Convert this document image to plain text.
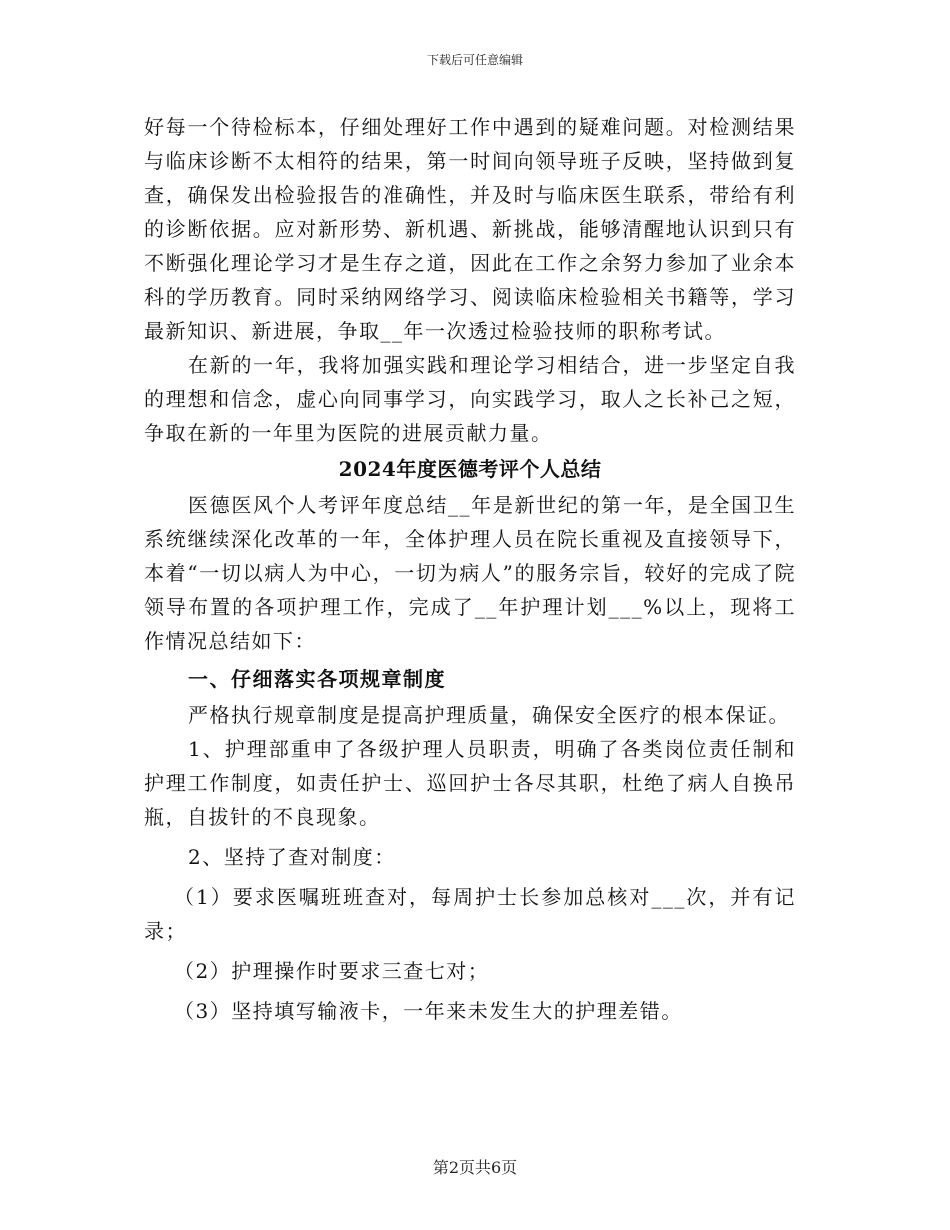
下载后可任意编辑

好每一个待检标本，仔细处理好工作中遇到的疑难问题。对检测结果与临床诊断不太相符的结果，第一时间向领导班子反映，坚持做到复查，确保发出检验报告的准确性，并及时与临床医生联系，带给有利的诊断依据。应对新形势、新机遇、新挑战，能够清醒地认识到只有不断强化理论学习才是生存之道，因此在工作之余努力参加了业余本科的学历教育。同时采纳网络学习、阅读临床检验相关书籍等，学习最新知识、新进展，争取__年一次透过检验技师的职称考试。

在新的一年，我将加强实践和理论学习相结合，进一步坚定自我的理想和信念，虚心向同事学习，向实践学习，取人之长补己之短，争取在新的一年里为医院的进展贡献力量。

2024年度医德考评个人总结

医德医风个人考评年度总结__年是新世纪的第一年，是全国卫生系统继续深化改革的一年，全体护理人员在院长重视及直接领导下，本着“一切以病人为中心，一切为病人”的服务宗旨，较好的完成了院领导布置的各项护理工作，完成了__年护理计划___%以上，现将工作情况总结如下：

一、仔细落实各项规章制度

严格执行规章制度是提高护理质量，确保安全医疗的根本保证。

1、护理部重申了各级护理人员职责，明确了各类岗位责任制和护理工作制度，如责任护士、巡回护士各尽其职，杜绝了病人自换吊瓶，自拔针的不良现象。

2、坚持了查对制度：

（1）要求医嘱班班查对，每周护士长参加总核对___次，并有记录；

（2）护理操作时要求三查七对；

（3）坚持填写输液卡，一年来未发生大的护理差错。

第2页共6页
